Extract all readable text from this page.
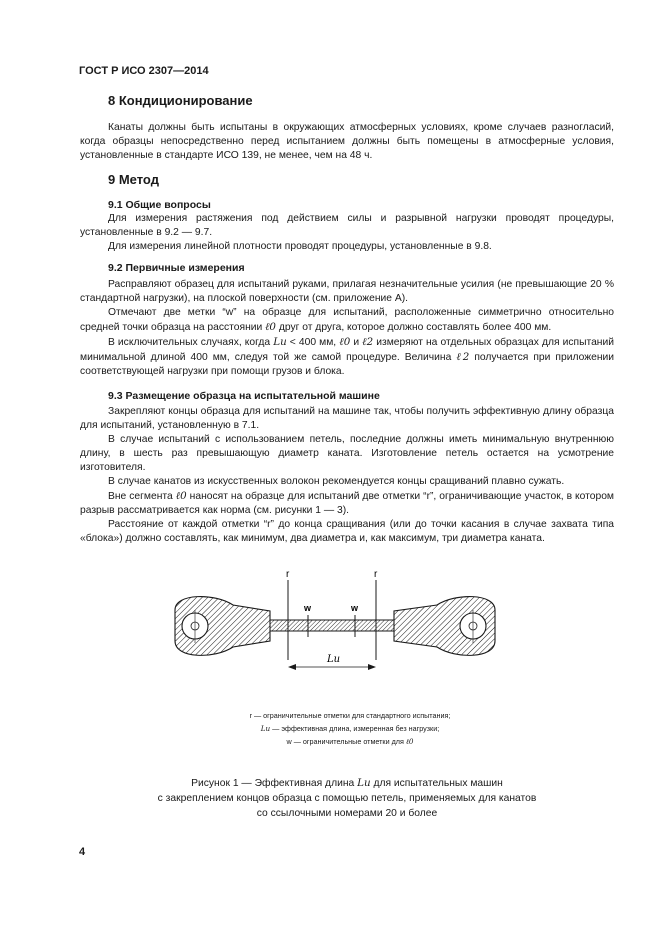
ГОСТ Р ИСО 2307—2014
8 Кондиционирование

Канаты должны быть испытаны в окружающих атмосферных условиях, кроме случаев разногласий, когда образцы непосредственно перед испытанием должны быть помещены в атмосферные условия, установленные в стандарте ИСО 139, не менее, чем на 48 ч.

9 Метод
9.1 Общие вопросы

Для измерения растяжения под действием силы и разрывной нагрузки проводят процедуры, установленные в 9.2 — 9.7.

Для измерения линейной плотности проводят процедуры, установленные в 9.8.

9.2 Первичные измерения

Расправляют образец для испытаний руками, прилагая незначительные усилия (не превышающие 20 % стандартной нагрузки), на плоской поверхности (см. приложение А).

Отмечают две метки “w” на образце для испытаний, расположенные симметрично относительно средней точки образца на расстоянии ℓ0 друг от друга, которое должно составлять более 400 мм.

В исключительных случаях, когда Lu < 400 мм, ℓ0 и ℓ2 измеряют на отдельных образцах для испытаний минимальной длиной 400 мм, следуя той же самой процедуре. Величина ℓ2 получается при приложении соответствующей нагрузки при помощи грузов и блока.

9.3 Размещение образца на испытательной машине

Закрепляют концы образца для испытаний на машине так, чтобы получить эффективную длину образца для испытаний, установленную в 7.1.

В случае испытаний с использованием петель, последние должны иметь минимальную внутреннюю длину, в шесть раз превышающую диаметр каната. Изготовление петель остается на усмотрение изготовителя.

В случае канатов из искусственных волокон рекомендуется концы сращиваний плавно сужать.

Вне сегмента ℓ0 наносят на образце для испытаний две отметки “r”, ограничивающие участок, в котором разрыв рассматривается как норма (см. рисунки 1 — 3).

Расстояние от каждой отметки “r” до конца сращивания (или до точки касания в случае захвата типа «блока») должно составлять, как минимум, два диаметра и, как максимум, три диаметра каната.

r	r
w	w
Lu
r — ограничительные отметки для стандартного испытания;
Lu — эффективная длина, измеренная без нагрузки;
w — ограничительные отметки для ℓ0
Рисунок 1 — Эффективная длина Lu для испытательных машин
с закреплением концов образца с помощью петель, применяемых для канатов
со ссылочными номерами 20 и более
4
